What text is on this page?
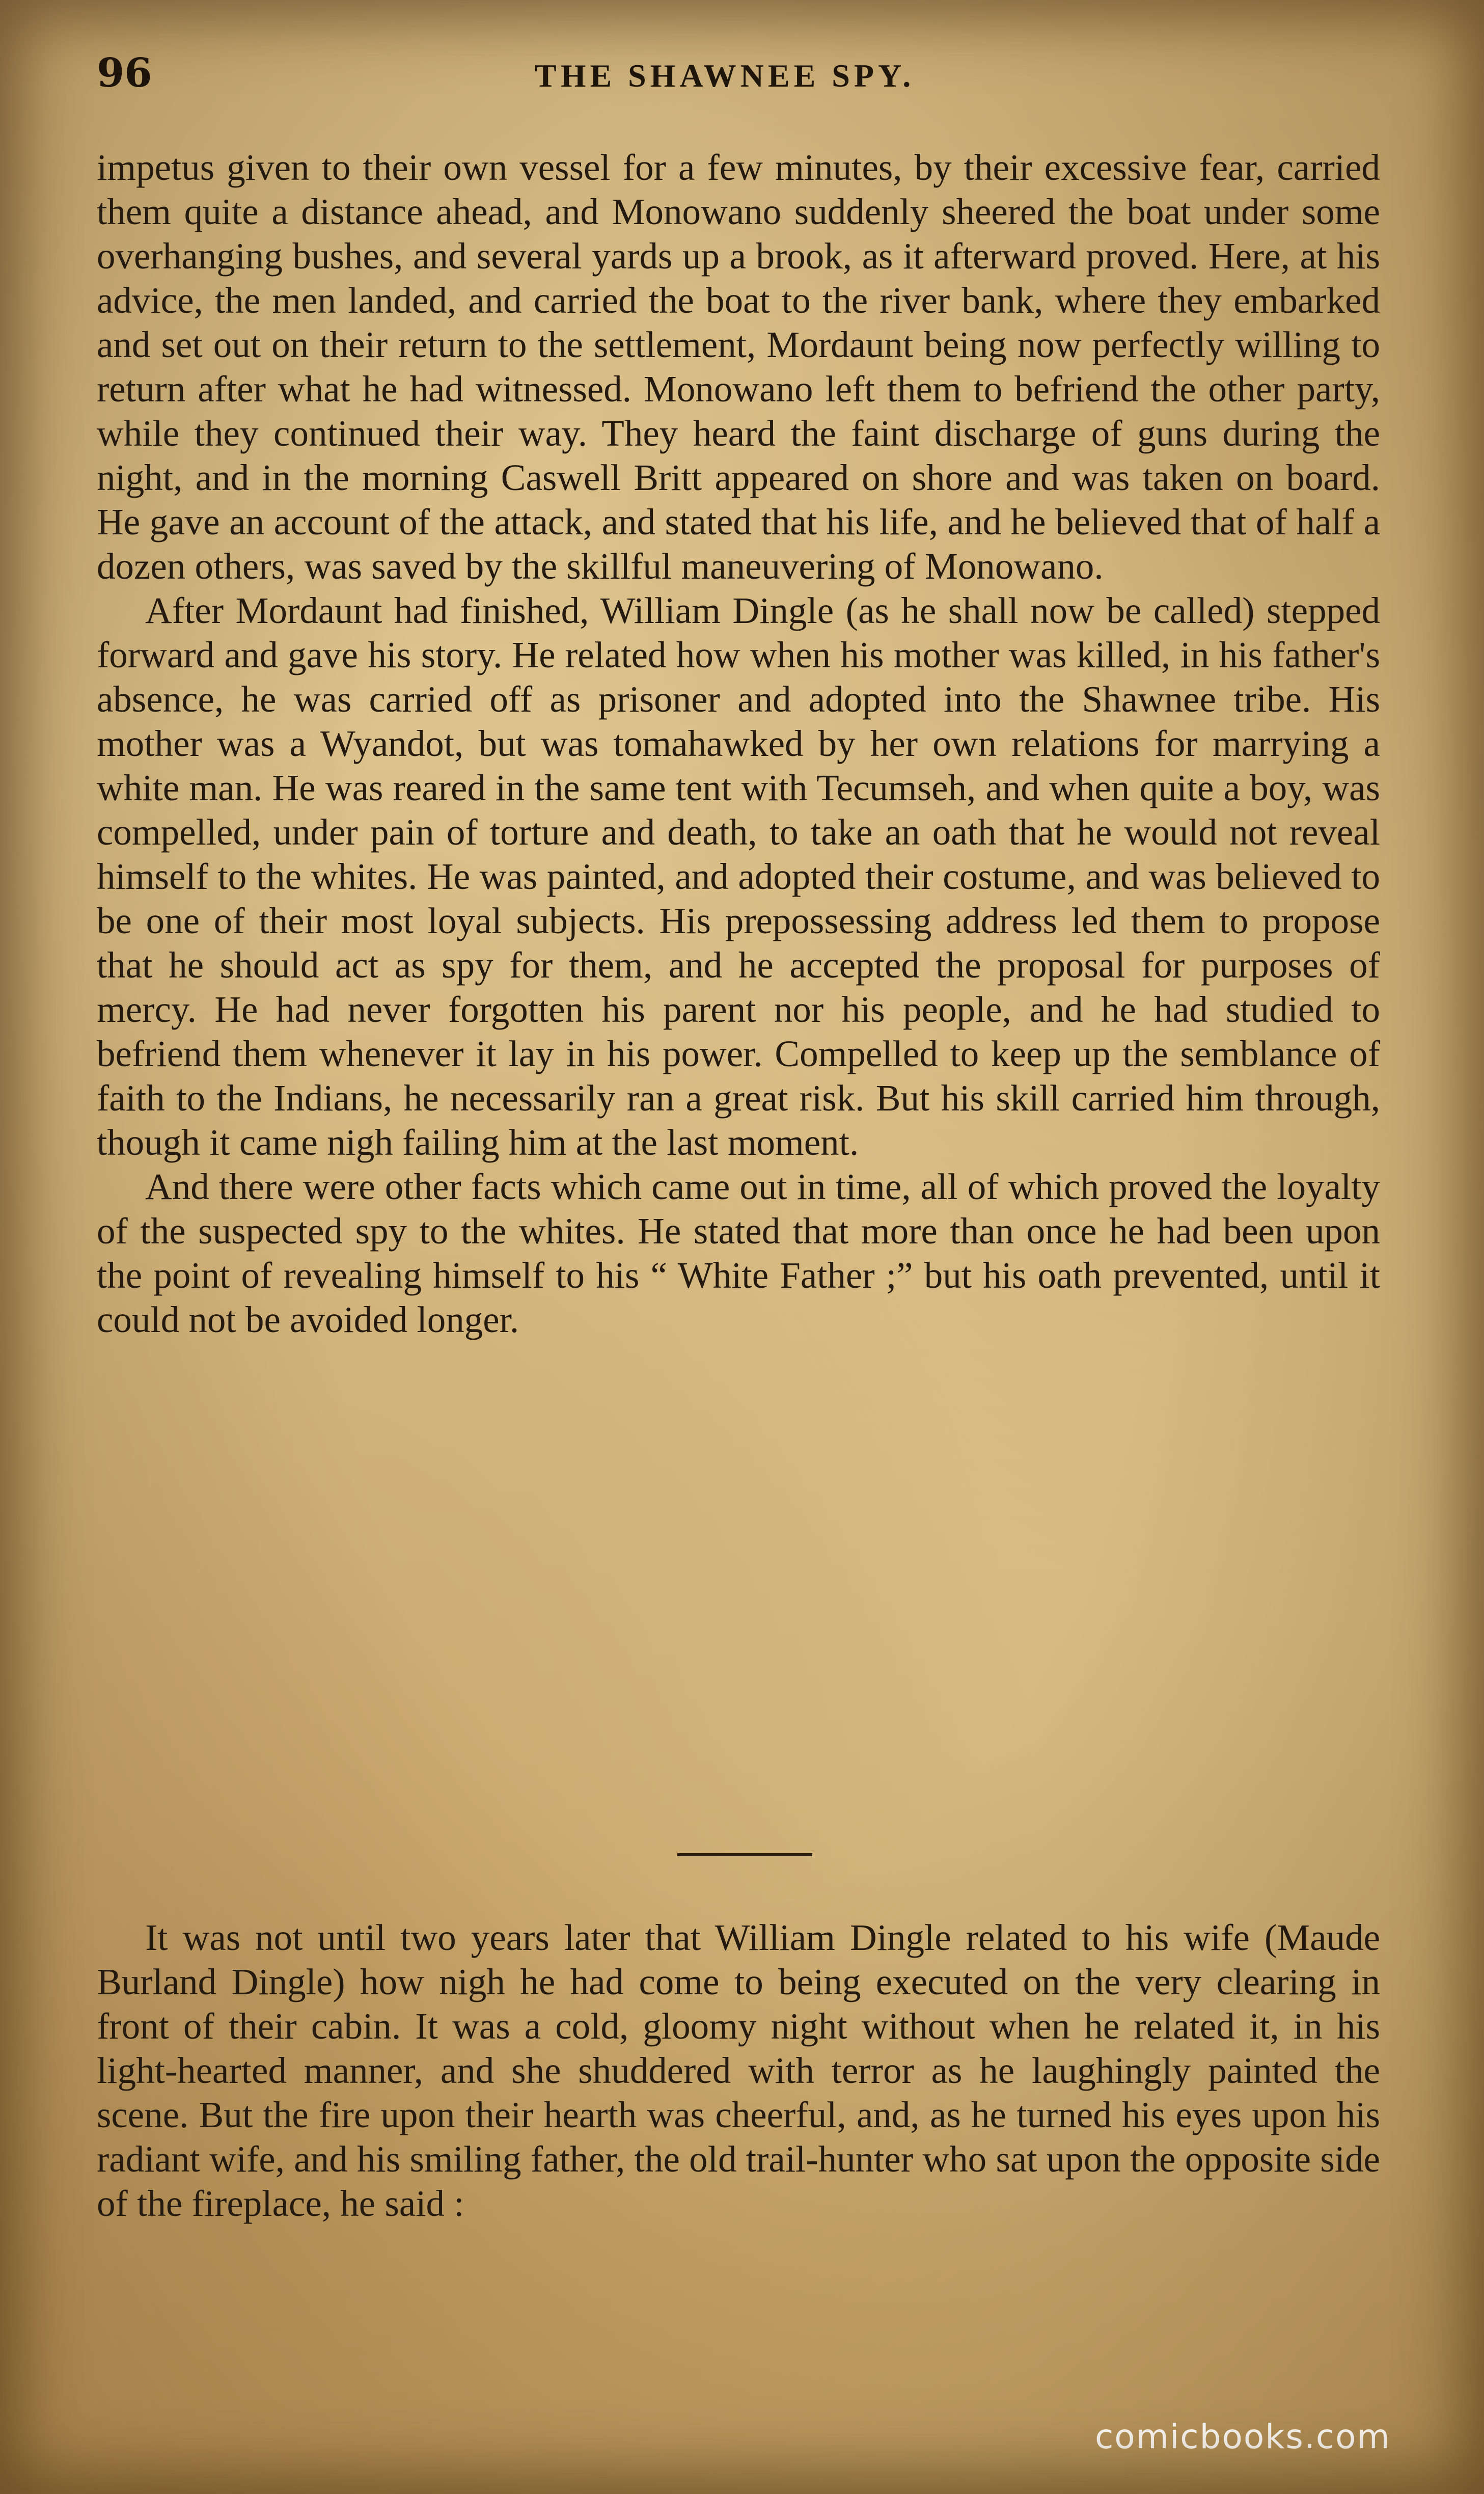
96	THE SHAWNEE SPY.

impetus given to their own vessel for a few minutes, by their excessive fear, carried them quite a distance ahead, and Monowano suddenly sheered the boat under some overhanging bushes, and several yards up a brook, as it afterward proved. Here, at his advice, the men landed, and carried the boat to the river bank, where they embarked and set out on their return to the settlement, Mordaunt being now perfectly willing to return after what he had witnessed. Monowano left them to befriend the other party, while they continued their way. They heard the faint discharge of guns during the night, and in the morning Caswell Britt appeared on shore and was taken on board. He gave an account of the attack, and stated that his life, and he believed that of half a dozen others, was saved by the skillful maneuvering of Monowano.

After Mordaunt had finished, William Dingle (as he shall now be called) stepped forward and gave his story. He related how when his mother was killed, in his father's absence, he was carried off as prisoner and adopted into the Shawnee tribe. His mother was a Wyandot, but was tomahawked by her own relations for marrying a white man. He was reared in the same tent with Tecumseh, and when quite a boy, was compelled, under pain of torture and death, to take an oath that he would not reveal himself to the whites. He was painted, and adopted their costume, and was believed to be one of their most loyal subjects. His prepossessing address led them to propose that he should act as spy for them, and he accepted the proposal for purposes of mercy. He had never forgotten his parent nor his people, and he had studied to befriend them whenever it lay in his power. Compelled to keep up the semblance of faith to the Indians, he necessarily ran a great risk. But his skill carried him through, though it came nigh failing him at the last moment.

And there were other facts which came out in time, all of which proved the loyalty of the suspected spy to the whites. He stated that more than once he had been upon the point of revealing himself to his “ White Father ;” but his oath prevented, until it could not be avoided longer.

It was not until two years later that William Dingle related to his wife (Maude Burland Dingle) how nigh he had come to being executed on the very clearing in front of their cabin. It was a cold, gloomy night without when he related it, in his light-hearted manner, and she shuddered with terror as he laughingly painted the scene. But the fire upon their hearth was cheerful, and, as he turned his eyes upon his radiant wife, and his smiling father, the old trail-hunter who sat upon the opposite side of the fireplace, he said :

comicbooks.com
